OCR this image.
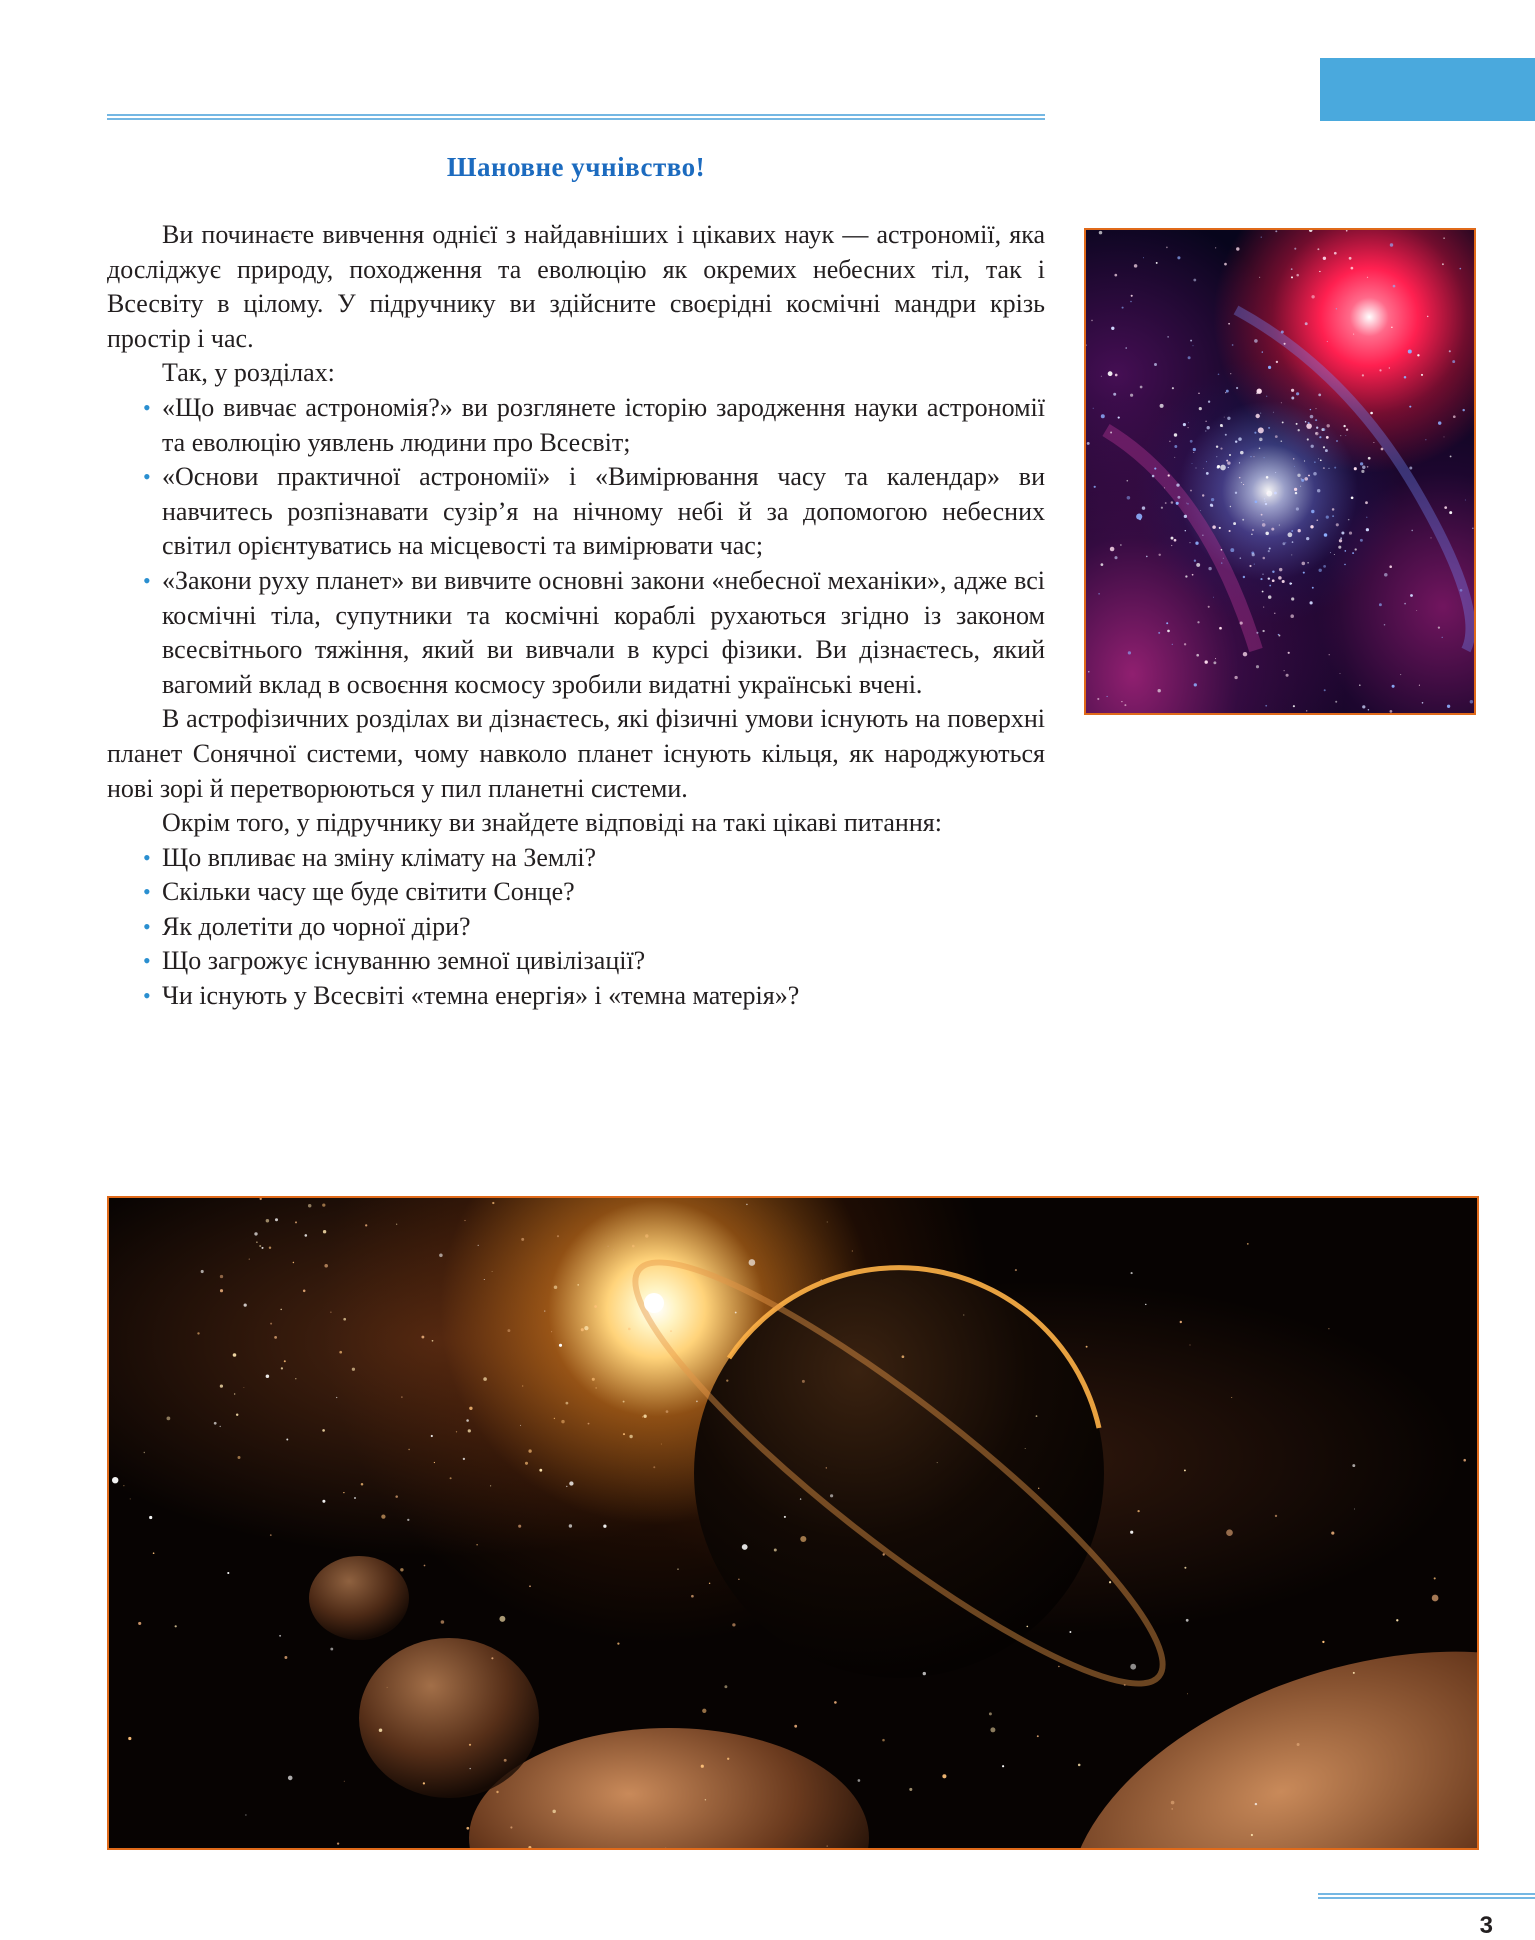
Шановне учнівство!

Ви починаєте вивчення однієї з найдавніших і цікавих наук — астрономії, яка досліджує природу, походження та еволюцію як окремих небесних тіл, так і Всесвіту в цілому. У підручнику ви здійсните своєрідні космічні мандри крізь простір і час.

Так, у розділах:

• «Що вивчає астрономія?» ви розглянете історію зародження науки астрономії та еволюцію уявлень людини про Всесвіт;
• «Основи практичної астрономії» і «Вимірювання часу та календар» ви навчитесь розпізнавати сузір’я на нічному небі й за допомогою небесних світил орієнтуватись на місцевості та вимірювати час;
• «Закони руху планет» ви вивчите основні закони «небесної механіки», адже всі космічні тіла, супутники та космічні кораблі рухаються згідно із законом всесвітнього тяжіння, який ви вивчали в курсі фізики. Ви дізнаєтесь, який вагомий вклад в освоєння космосу зробили видатні українські вчені.

В астрофізичних розділах ви дізнаєтесь, які фізичні умови існують на поверхні планет Сонячної системи, чому навколо планет існують кільця, як народжуються нові зорі й перетворюються у пил планетні системи.

Окрім того, у підручнику ви знайдете відповіді на такі цікаві питання:

• Що впливає на зміну клімату на Землі?
• Скільки часу ще буде світити Сонце?
• Як долетіти до чорної діри?
• Що загрожує існуванню земної цивілізації?
• Чи існують у Всесвіті «темна енергія» і «темна матерія»?

3
